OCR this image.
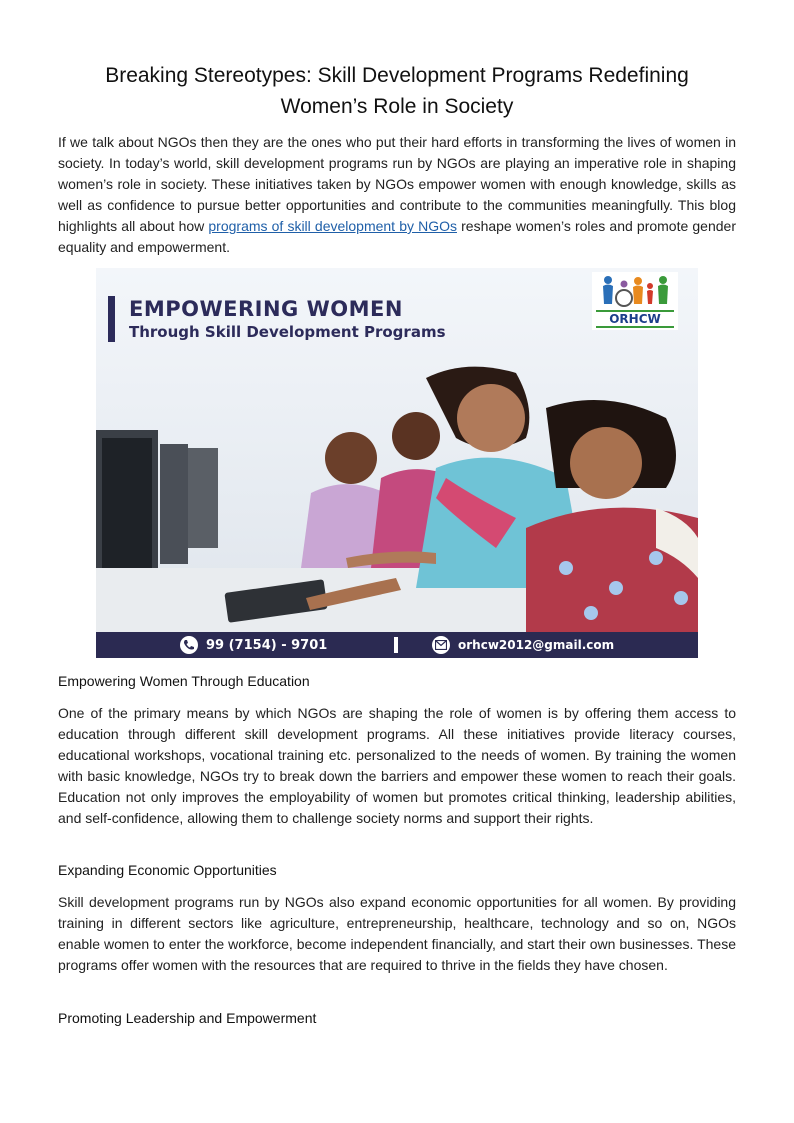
Breaking Stereotypes: Skill Development Programs Redefining
Women’s Role in Society
If we talk about NGOs then they are the ones who put their hard efforts in transforming the lives of women in society. In today’s world, skill development programs run by NGOs are playing an imperative role in shaping women’s role in society. These initiatives taken by NGOs empower women with enough knowledge, skills as well as confidence to pursue better opportunities and contribute to the communities meaningfully. This blog highlights all about how programs of skill development by NGOs reshape women’s roles and promote gender equality and empowerment.
EMPOWERING WOMEN
Through Skill Development Programs
ORHCW
99 (7154) - 9701	orhcw2012@gmail.com
Empowering Women Through Education
One of the primary means by which NGOs are shaping the role of women is by offering them access to education through different skill development programs. All these initiatives provide literacy courses, educational workshops, vocational training etc. personalized to the needs of women. By training the women with basic knowledge, NGOs try to break down the barriers and empower these women to reach their goals. Education not only improves the employability of women but promotes critical thinking, leadership abilities, and self-confidence, allowing them to challenge society norms and support their rights.
Expanding Economic Opportunities
Skill development programs run by NGOs also expand economic opportunities for all women. By providing training in different sectors like agriculture, entrepreneurship, healthcare, technology and so on, NGOs enable women to enter the workforce, become independent financially, and start their own businesses. These programs offer women with the resources that are required to thrive in the fields they have chosen.
Promoting Leadership and Empowerment
